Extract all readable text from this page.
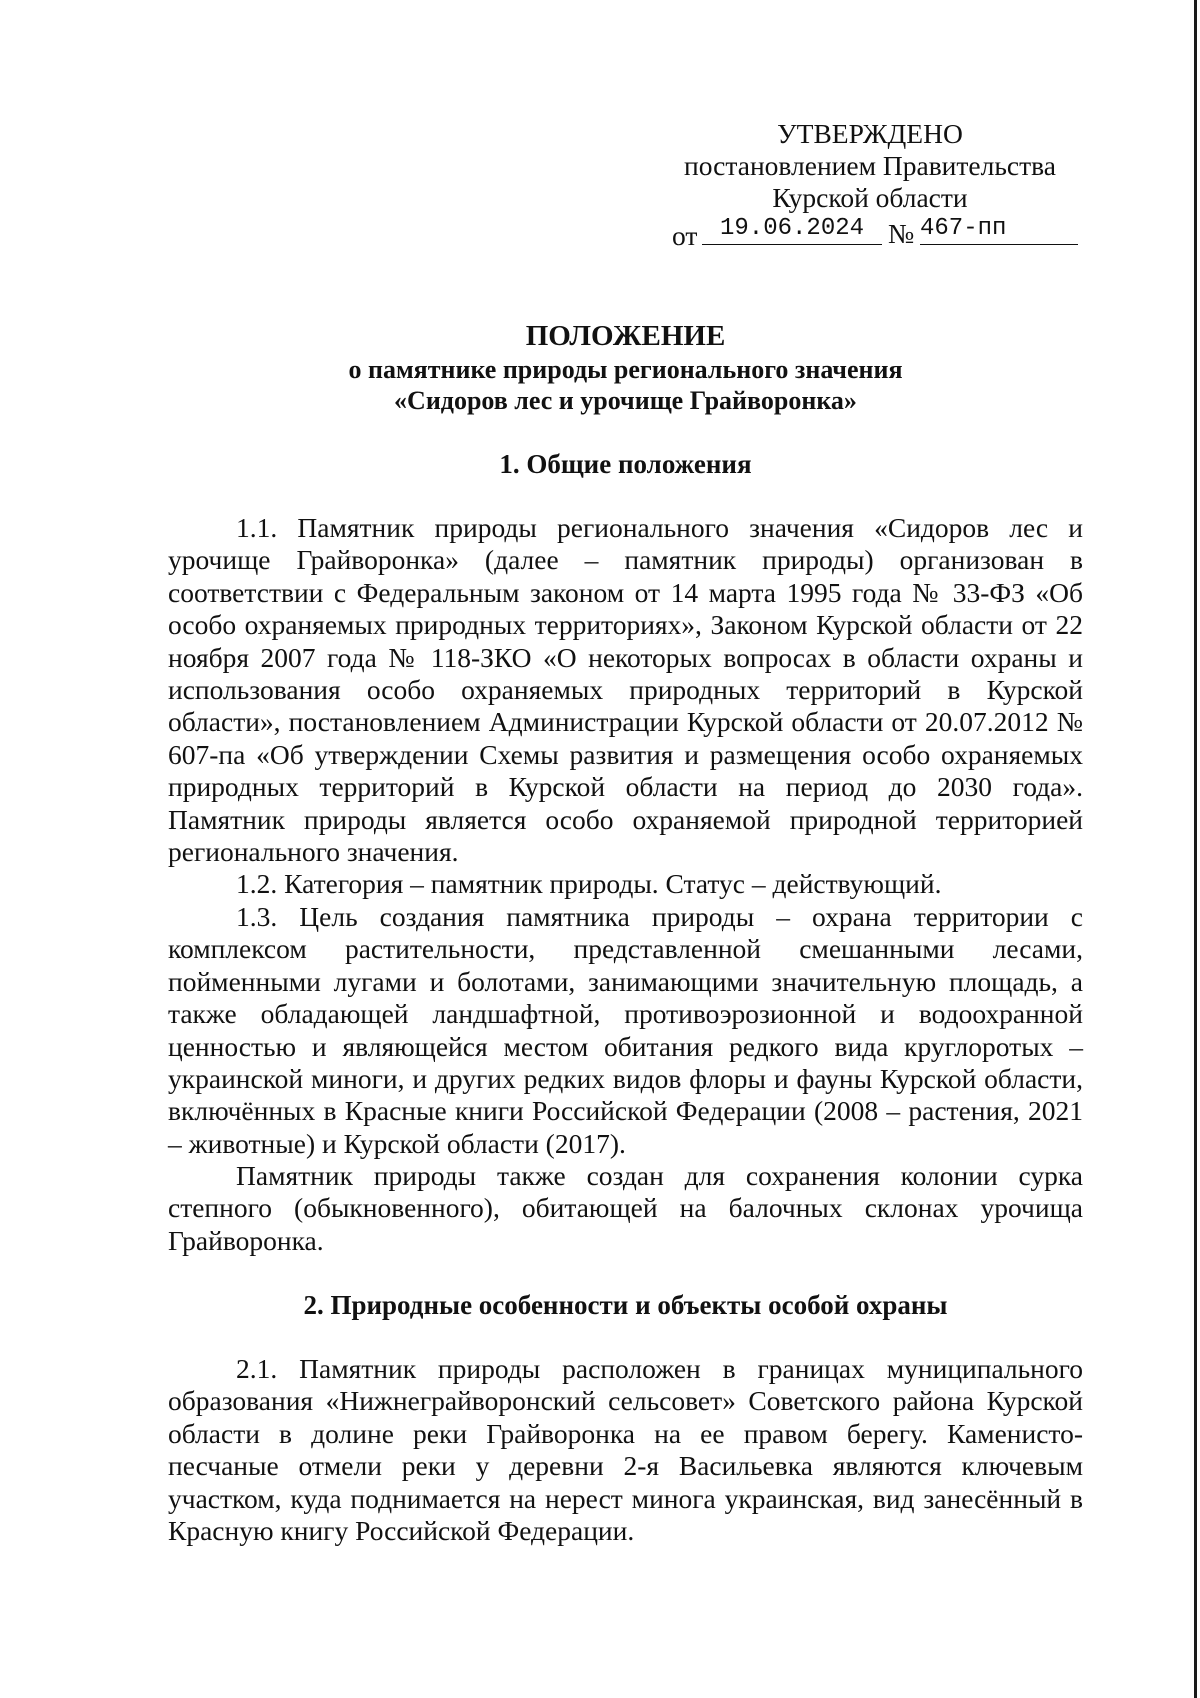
УТВЕРЖДЕНО
постановлением Правительства
Курской области
от 19.06.2024 № 467-пп
ПОЛОЖЕНИЕ
о памятнике природы регионального значения
«Сидоров лес и урочище Грайворонка»
1. Общие положения

1.1. Памятник природы регионального значения «Сидоров лес и урочище Грайворонка» (далее – памятник природы) организован в соответствии с Федеральным законом от 14 марта 1995 года № 33-ФЗ «Об особо охраняемых природных территориях», Законом Курской области от 22 ноября 2007 года № 118-ЗКО «О некоторых вопросах в области охраны и использования особо охраняемых природных территорий в Курской области», постановлением Администрации Курской области от 20.07.2012 № 607-па «Об утверждении Схемы развития и размещения особо охраняемых природных территорий в Курской области на период до 2030 года». Памятник природы является особо охраняемой природной территорией регионального значения.

1.2. Категория – памятник природы. Статус – действующий.

1.3. Цель создания памятника природы – охрана территории с комплексом растительности, представленной смешанными лесами, пойменными лугами и болотами, занимающими значительную площадь, а также обладающей ландшафтной, противоэрозионной и водоохранной ценностью и являющейся местом обитания редкого вида круглоротых – украинской миноги, и других редких видов флоры и фауны Курской области, включённых в Красные книги Российской Федерации (2008 – растения, 2021 – животные) и Курской области (2017).

Памятник природы также создан для сохранения колонии сурка степного (обыкновенного), обитающей на балочных склонах урочища Грайворонка.

2. Природные особенности и объекты особой охраны

2.1. Памятник природы расположен в границах муниципального образования «Нижнеграйворонский сельсовет» Советского района Курской области в долине реки Грайворонка на ее правом берегу. Каменисто-песчаные отмели реки у деревни 2-я Васильевка являются ключевым участком, куда поднимается на нерест минога украинская, вид занесённый в Красную книгу Российской Федерации.
